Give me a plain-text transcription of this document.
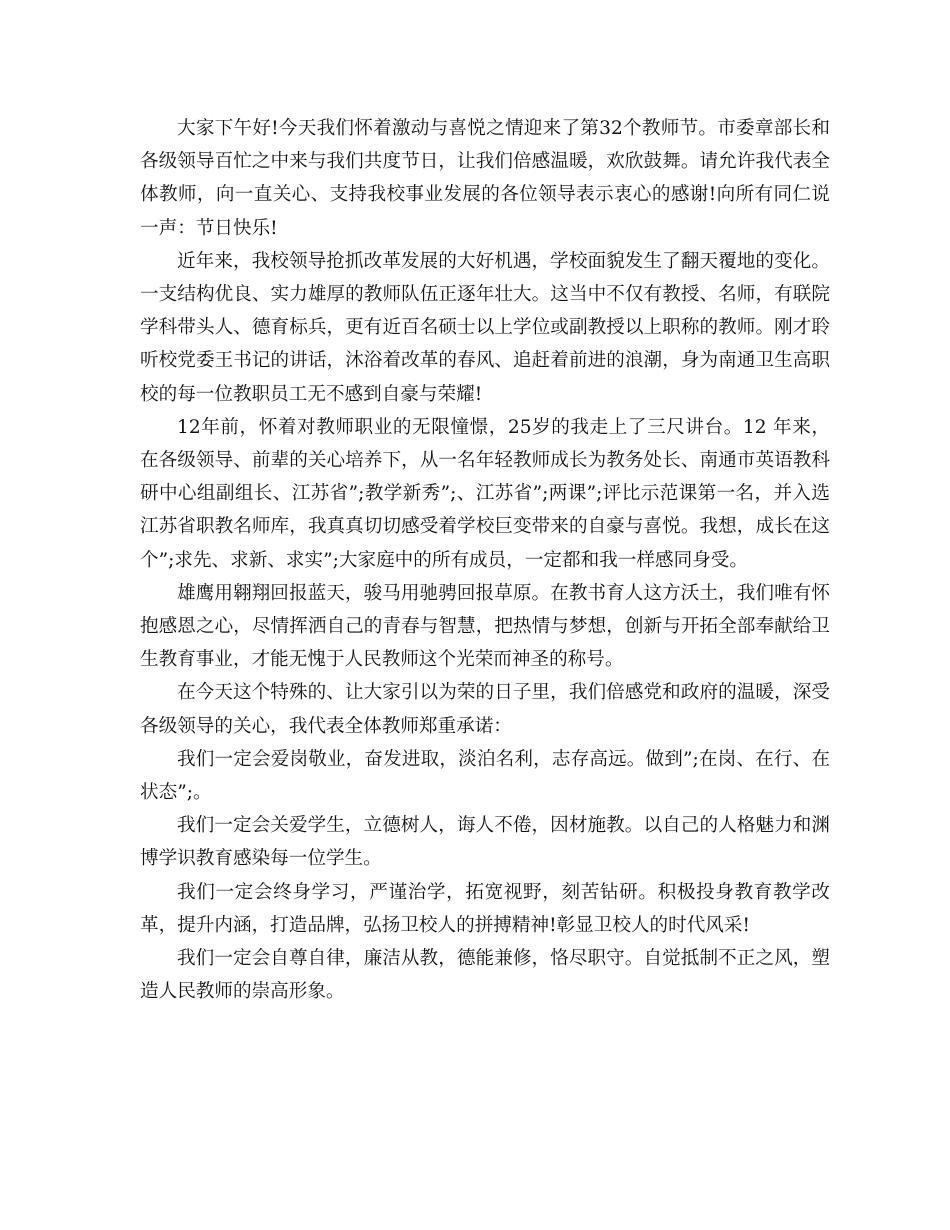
大家下午好!今天我们怀着激动与喜悦之情迎来了第32个教师节。市委章部长和各级领导百忙之中来与我们共度节日，让我们倍感温暖，欢欣鼓舞。请允许我代表全体教师，向一直关心、支持我校事业发展的各位领导表示衷心的感谢!向所有同仁说一声：节日快乐!

近年来，我校领导抢抓改革发展的大好机遇，学校面貌发生了翻天覆地的变化。一支结构优良、实力雄厚的教师队伍正逐年壮大。这当中不仅有教授、名师，有联院学科带头人、德育标兵，更有近百名硕士以上学位或副教授以上职称的教师。刚才聆听校党委王书记的讲话，沐浴着改革的春风、追赶着前进的浪潮，身为南通卫生高职校的每一位教职员工无不感到自豪与荣耀!

12年前，怀着对教师职业的无限憧憬，25岁的我走上了三尺讲台。12 年来，在各级领导、前辈的关心培养下，从一名年轻教师成长为教务处长、南通市英语教科研中心组副组长、江苏省”;教学新秀”;、江苏省”;两课”;评比示范课第一名，并入选江苏省职教名师库，我真真切切感受着学校巨变带来的自豪与喜悦。我想，成长在这个”;求先、求新、求实”;大家庭中的所有成员，一定都和我一样感同身受。

雄鹰用翱翔回报蓝天，骏马用驰骋回报草原。在教书育人这方沃土，我们唯有怀抱感恩之心，尽情挥洒自己的青春与智慧，把热情与梦想，创新与开拓全部奉献给卫生教育事业，才能无愧于人民教师这个光荣而神圣的称号。

在今天这个特殊的、让大家引以为荣的日子里，我们倍感党和政府的温暖，深受各级领导的关心，我代表全体教师郑重承诺：

我们一定会爱岗敬业，奋发进取，淡泊名利，志存高远。做到”;在岗、在行、在状态”;。

我们一定会关爱学生，立德树人，诲人不倦，因材施教。以自己的人格魅力和渊博学识教育感染每一位学生。

我们一定会终身学习，严谨治学，拓宽视野，刻苦钻研。积极投身教育教学改革，提升内涵，打造品牌，弘扬卫校人的拼搏精神!彰显卫校人的时代风采!

我们一定会自尊自律，廉洁从教，德能兼修，恪尽职守。自觉抵制不正之风，塑造人民教师的崇高形象。
